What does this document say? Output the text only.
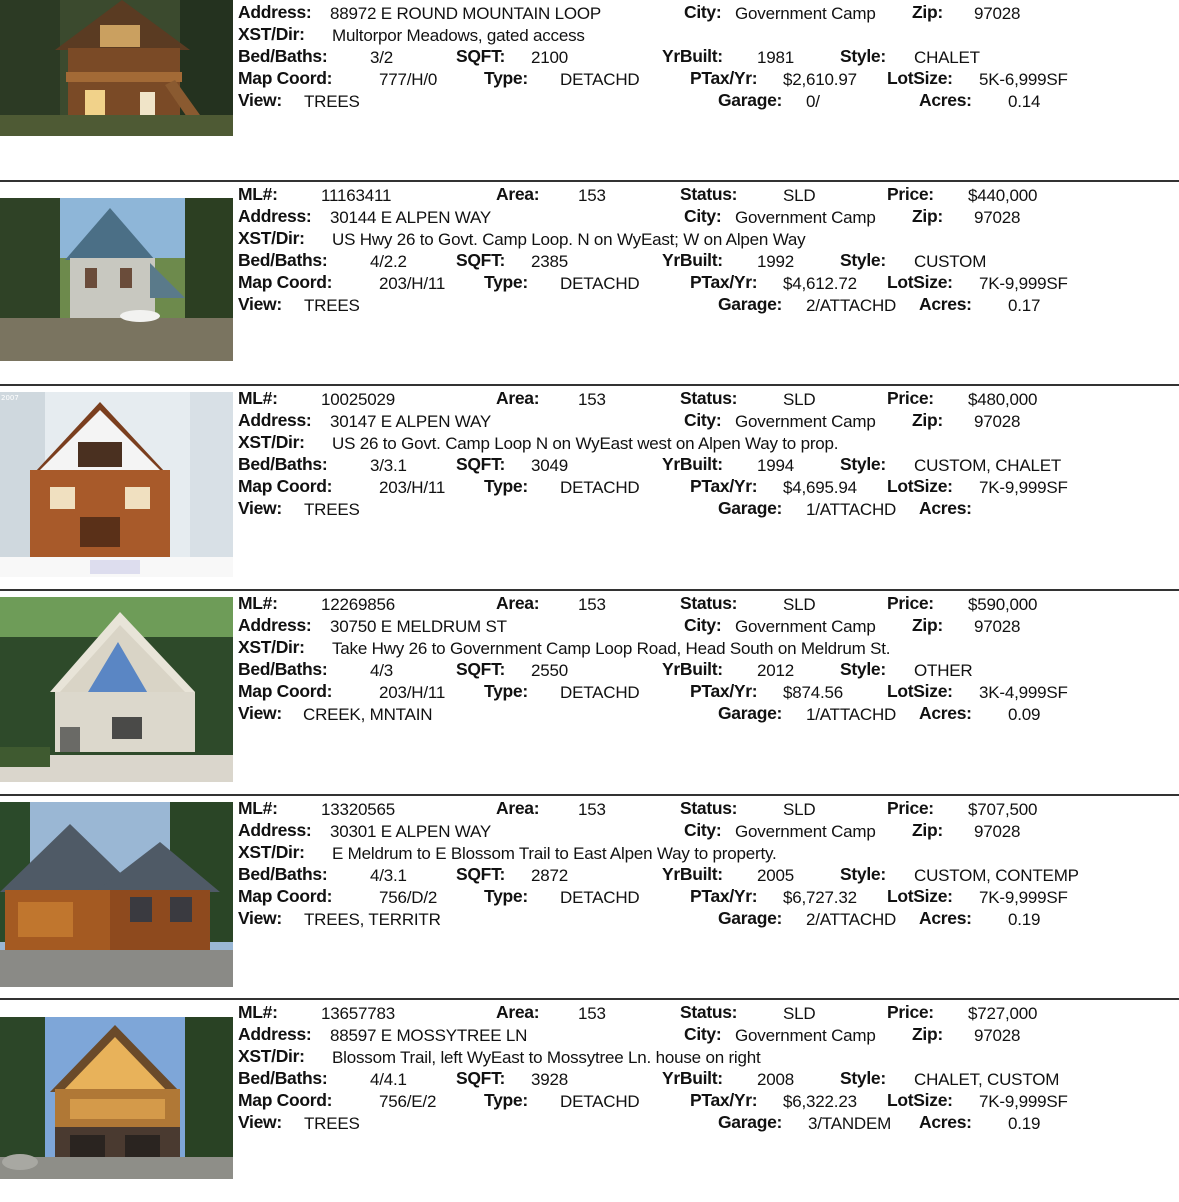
Address: 88972 E ROUND MOUNTAIN LOOP	City: Government Camp Zip: 97028
XST/Dir: Multorpor Meadows, gated access
Bed/Baths:	3/2	SQFT: 2100	YrBuilt: 1981	Style: CHALET
Map Coord:	777/H/0	Type: DETACHD	PTax/Yr: $2,610.97 LotSize: 5K-6,999SF
View: TREES	Garage: 0/	Acres: 0.14
ML#:	11163411	Area: 153	Status:	SLD	Price: $440,000
Address: 30144 E ALPEN WAY	City: Government Camp Zip: 97028
XST/Dir: US Hwy 26 to Govt. Camp Loop. N on WyEast; W on Alpen Way
Bed/Baths:	4/2.2	SQFT: 2385	YrBuilt: 1992	Style: CUSTOM
Map Coord:	203/H/11 Type: DETACHD	PTax/Yr: $4,612.72 LotSize: 7K-9,999SF
View: TREES	Garage: 2/ATTACHD Acres: 0.17
2007	ML#:	10025029	Area: 153	Status:	SLD	Price: $480,000
Address: 30147 E ALPEN WAY	City: Government Camp Zip: 97028
XST/Dir: US 26 to Govt. Camp Loop N on WyEast west on Alpen Way to prop.
Bed/Baths:	3/3.1	SQFT: 3049	YrBuilt: 1994	Style: CUSTOM, CHALET
Map Coord:	203/H/11 Type: DETACHD	PTax/Yr: $4,695.94 LotSize: 7K-9,999SF
View: TREES	Garage: 1/ATTACHD Acres:
ML#:	12269856	Area: 153	Status:	SLD	Price: $590,000
Address: 30750 E MELDRUM ST	City: Government Camp Zip: 97028
XST/Dir: Take Hwy 26 to Government Camp Loop Road, Head South on Meldrum St.
Bed/Baths:	4/3	SQFT: 2550	YrBuilt: 2012	Style: OTHER
Map Coord:	203/H/11 Type: DETACHD	PTax/Yr: $874.56	LotSize: 3K-4,999SF
View: CREEK, MNTAIN	Garage: 1/ATTACHD Acres: 0.09
ML#:	13320565	Area: 153	Status:	SLD	Price: $707,500
Address: 30301 E ALPEN WAY	City: Government Camp Zip: 97028
XST/Dir: E Meldrum to E Blossom Trail to East Alpen Way to property.
Bed/Baths:	4/3.1	SQFT: 2872	YrBuilt: 2005	Style: CUSTOM, CONTEMP
Map Coord:	756/D/2	Type: DETACHD	PTax/Yr: $6,727.32 LotSize: 7K-9,999SF
View: TREES, TERRITR	Garage: 2/ATTACHD Acres: 0.19
ML#:	13657783	Area: 153	Status:	SLD	Price: $727,000
Address: 88597 E MOSSYTREE LN	City: Government Camp Zip: 97028
XST/Dir: Blossom Trail, left WyEast to Mossytree Ln. house on right
Bed/Baths:	4/4.1	SQFT: 3928	YrBuilt: 2008	Style: CHALET, CUSTOM
Map Coord:	756/E/2	Type: DETACHD	PTax/Yr: $6,322.23 LotSize: 7K-9,999SF
View: TREES	Garage: 3/TANDEM Acres: 0.19
